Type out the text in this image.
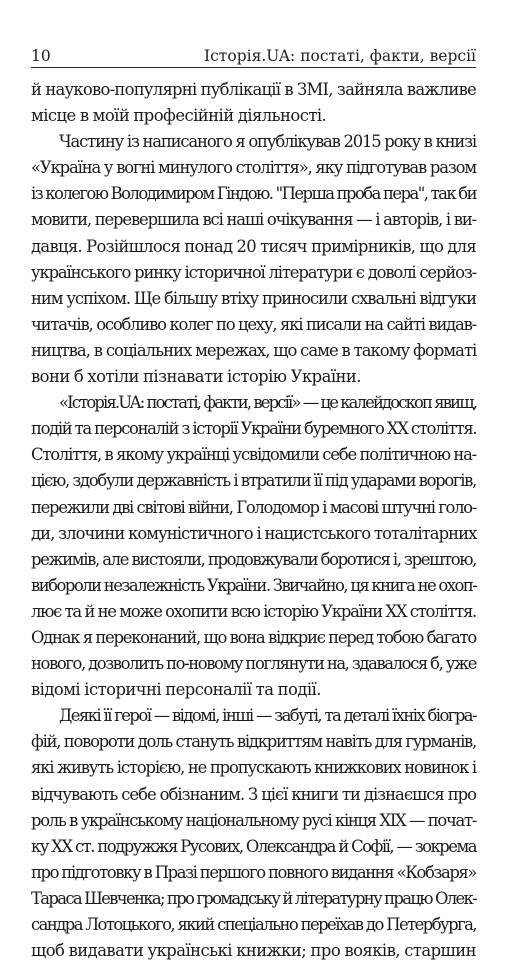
10	Історія.UA: постаті, факти, версії
й науково-популярні публікації в ЗМІ, зайняла важливе
місце в моїй професійній діяльності.
Частину із написаного я опублікував 2015 року в книзі
«Україна у вогні минулого століття», яку підготував разом
із колегою Володимиром Гіндою. "Перша проба пера", так би
мовити, перевершила всі наші очікування — і авторів, і ви-
давця. Розійшлося понад 20 тисяч примірників, що для
українського ринку історичної літератури є доволі серйоз-
ним успіхом. Ще більшу втіху приносили схвальні відгуки
читачів, особливо колег по цеху, які писали на сайті видав-
ництва, в соціальних мережах, що саме в такому форматі
вони б хотіли пізнавати історію України.
«Історія.UA: постаті, факти, версії» — це калейдоскоп явищ,
подій та персоналій з історії України буремного XX століття.
Століття, в якому українці усвідомили себе політичною на-
цією, здобули державність і втратили її під ударами ворогів,
пережили дві світові війни, Голодомор і масові штучні голо-
ди, злочини комуністичного і нацистського тоталітарних
режимів, але вистояли, продовжували боротися і, зрештою,
вибороли незалежність України. Звичайно, ця книга не охоп-
лює та й не може охопити всю історію України XX століття.
Однак я переконаний, що вона відкриє перед тобою багато
нового, дозволить по-новому поглянути на, здавалося б, уже
відомі історичні персоналії та події.
Деякі її герої — відомі, інші — забуті, та деталі їхніх біогра-
фій, повороти доль стануть відкриттям навіть для гурманів,
які живуть історією, не пропускають книжкових новинок і
відчувають себе обізнаним. З цієї книги ти дізнаєшся про
роль в українському національному русі кінця XIX — почат-
ку XX ст. подружжя Русових, Олександра й Софії, — зокрема
про підготовку в Празі першого повного видання «Кобзаря»
Тараса Шевченка; про громадську й літературну працю Олек-
сандра Лотоцького, який спеціально переїхав до Петербурга,
щоб видавати українські книжки; про вояків, старшин
